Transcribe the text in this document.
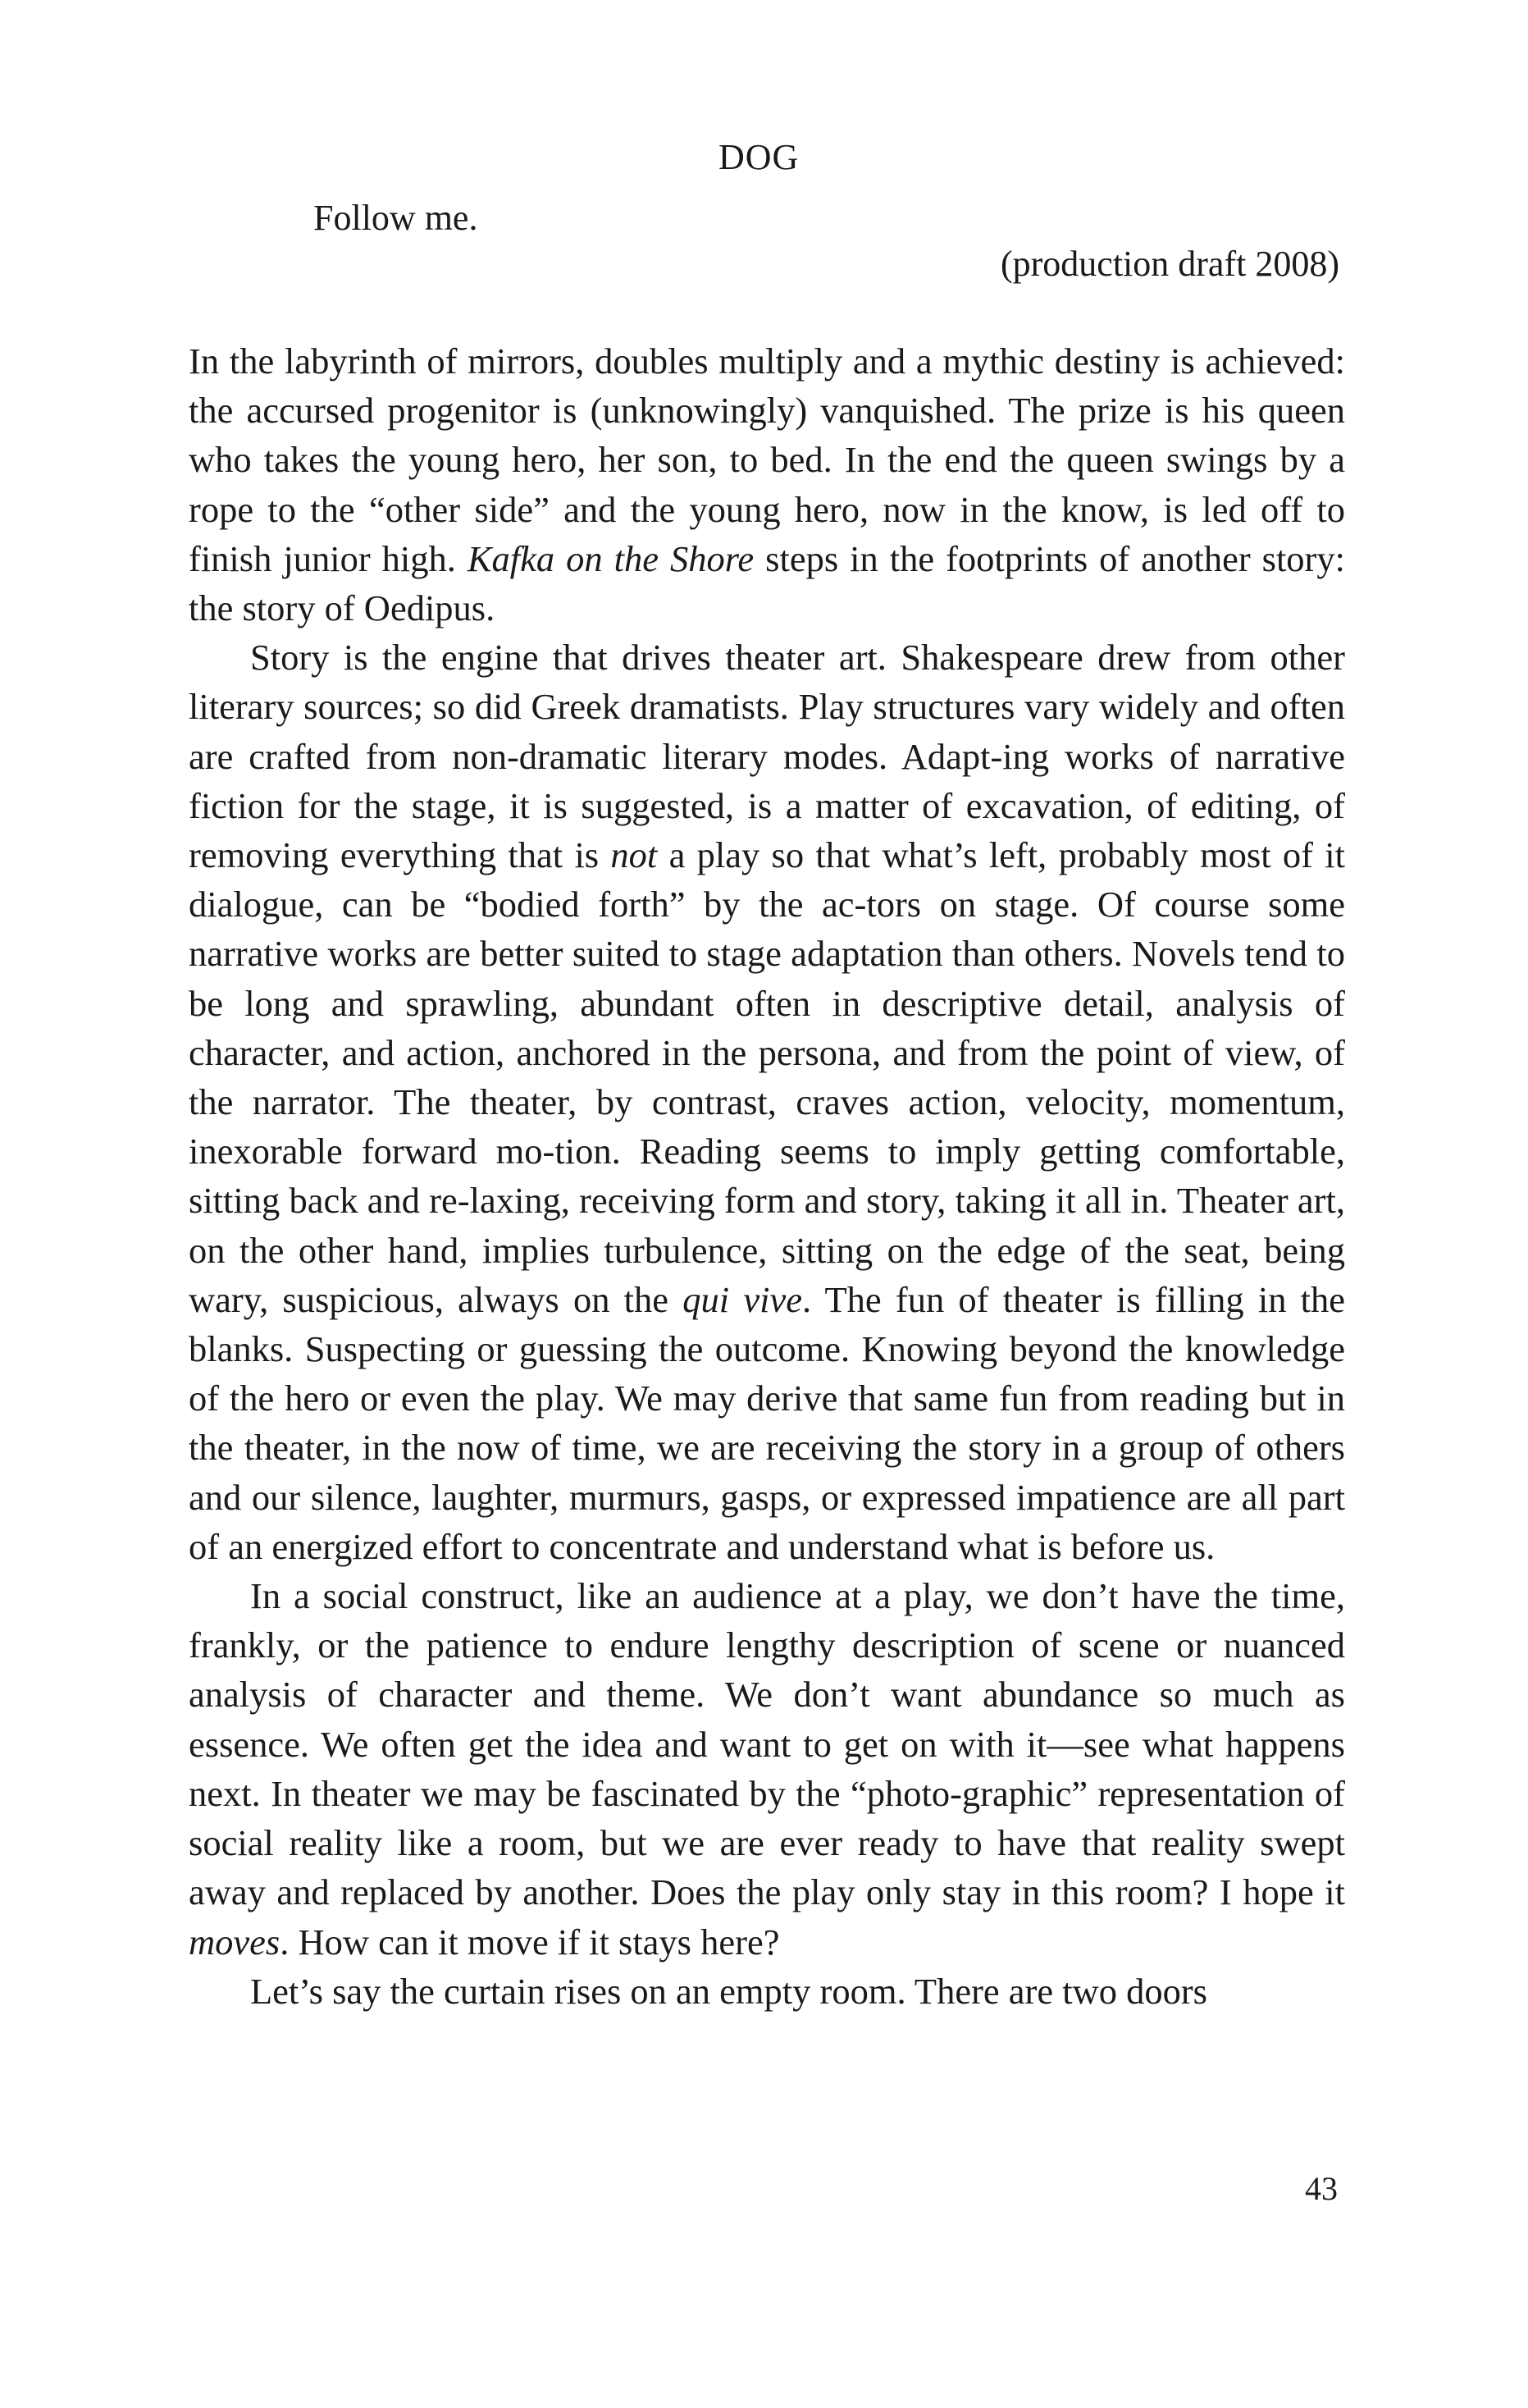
DOG
Follow me.
(production draft 2008)

In the labyrinth of mirrors, doubles multiply and a mythic destiny is achieved: the accursed progenitor is (unknowingly) vanquished. The prize is his queen who takes the young hero, her son, to bed. In the end the queen swings by a rope to the “other side” and the young hero, now in the know, is led off to finish junior high. Kafka on the Shore steps in the footprints of another story: the story of Oedipus.

Story is the engine that drives theater art. Shakespeare drew from other literary sources; so did Greek dramatists. Play structures vary widely and often are crafted from non-dramatic literary modes. Adapt-ing works of narrative fiction for the stage, it is suggested, is a matter of excavation, of editing, of removing everything that is not a play so that what’s left, probably most of it dialogue, can be “bodied forth” by the ac-tors on stage. Of course some narrative works are better suited to stage adaptation than others. Novels tend to be long and sprawling, abundant often in descriptive detail, analysis of character, and action, anchored in the persona, and from the point of view, of the narrator. The theater, by contrast, craves action, velocity, momentum, inexorable forward mo-tion. Reading seems to imply getting comfortable, sitting back and re-laxing, receiving form and story, taking it all in. Theater art, on the other hand, implies turbulence, sitting on the edge of the seat, being wary, suspicious, always on the qui vive. The fun of theater is filling in the blanks. Suspecting or guessing the outcome. Knowing beyond the knowledge of the hero or even the play. We may derive that same fun from reading but in the theater, in the now of time, we are receiving the story in a group of others and our silence, laughter, murmurs, gasps, or expressed impatience are all part of an energized effort to concentrate and understand what is before us.

In a social construct, like an audience at a play, we don’t have the time, frankly, or the patience to endure lengthy description of scene or nuanced analysis of character and theme. We don’t want abundance so much as essence. We often get the idea and want to get on with it—see what happens next. In theater we may be fascinated by the “photo-graphic” representation of social reality like a room, but we are ever ready to have that reality swept away and replaced by another. Does the play only stay in this room? I hope it moves. How can it move if it stays here?

Let’s say the curtain rises on an empty room. There are two doors

43
